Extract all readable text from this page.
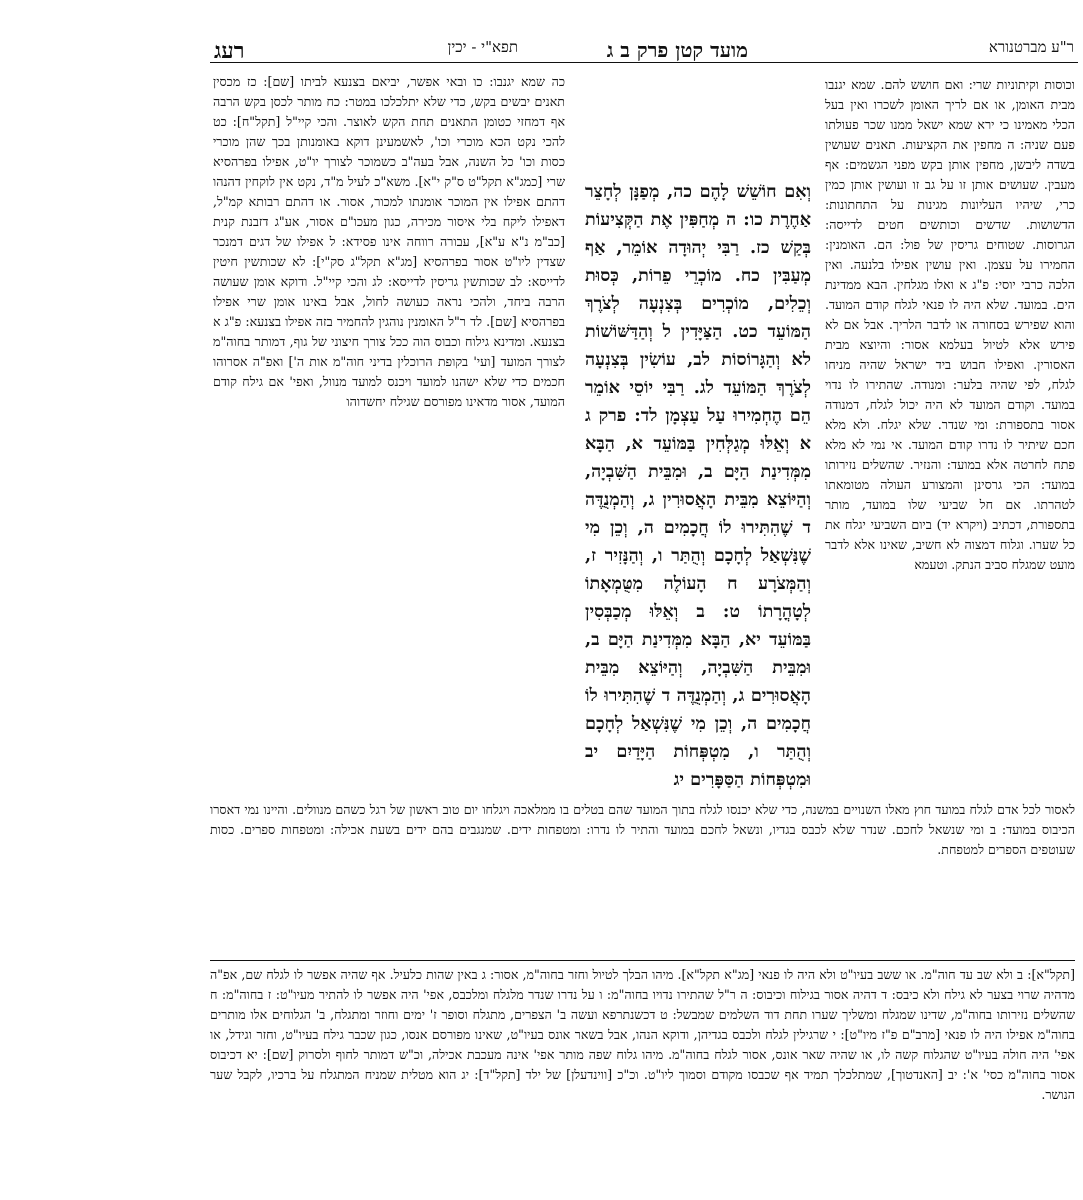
ר"ע מברטנורא
מועד קטן פרק ב ג
תפא"י - יכין
רעג

וכוסות וקיתוניות שרי: ואם חושש להם. שמא יגנבו מבית האומן, או אם לריך האומן לשכרו ואין בעל הכלי מאמינו כי ירא שמא ישאל ממנו שכר פעולתו פעם שניה: ה מחפין את הקציעות. תאנים שעושין בשדה ליבשן, מחפין אותן בקש מפני הגשמים: אף מעבין. שעושים אותן זו על גב זו ועושין אותן כמין כרי, שיהיו העליונות מגינות על התחתונות: הדשושות. שדשים וכותשים חטים לדייסה: הגרוסות. שטוחים גריסין של פול: הם. האומנין: החמירו על עצמן. ואין עושין אפילו בלנעה. ואין הלכה כרבי יוסי: פ"ג א ואלו מגלחין. הבא ממדינת הים. במועד. שלא היה לו פנאי לגלח קודם המועד. והוא שפירש בסחורה או לדבר הלריך. אבל אם לא פירש אלא לטיול בעלמא אסור: והיוצא מבית האסורין. ואפילו חבוש ביד ישראל שהיה מניחו לגלח, לפי שהיה בלער: ומנודה. שהתירו לו נדוי במועד. וקודם המועד לא היה יכול לגלח, דמנודה אסור בתספורת: ומי שנדר. שלא יגלח. ולא מלא חכם שיתיר לו נדרו קודם המועד. אי נמי לא מלא פתח לחרטה אלא במועד: והנזיר. שהשלים נזירותו במועד: הכי גרסינן והמצורע העולה מטומאתו לטהרתו. אם חל שביעי שלו במועד, מותר בתספורת, דכתיב (ויקרא יד) ביום השביעי יגלח את כל שערו. וגלוח דמצוה לא חשיב, שאינו אלא לדבר מועט שמגלח סביב הנתק. וטעמא

וְאִם חוֹשֵׁשׁ לָהֶם כה, מְפַנָּן לְחָצֵר אַחֶרֶת כו: ה מְחַפִּין אֶת הַקְּצִיעוֹת בְּקַשׁ כז. רַבִּי יְהוּדָה אוֹמֵר, אַף מְעַבִּין כח. מוֹכְרֵי פֵרוֹת, כְּסוּת וְכֵלִים, מוֹכְרִים בְּצִנְעָה לְצֹרֶךְ הַמּוֹעֵד כט. הַצַּיָּדִין ל וְהַדַּשּׁוֹשׁוֹת לא וְהַגָּרוֹסוֹת לב, עוֹשִׂין בְּצִנְעָה לְצֹרֶךְ הַמּוֹעֵד לג. רַבִּי יוֹסֵי אוֹמֵר הֵם הֶחְמִירוּ עַל עַצְמָן לד: פרק ג א וְאֵלּוּ מְגַלְּחִין בַּמּוֹעֵד א, הַבָּא מִמְּדִינַת הַיָּם ב, וּמִבֵּית הַשִּׁבְיָה, וְהַיּוֹצֵא מִבֵּית הָאֲסוּרִין ג, וְהַמְנֻדֶּה ד שֶׁהִתִּירוּ לוֹ חֲכָמִים ה, וְכֵן מִי שֶׁנִּשְׁאַל לְחָכָם וְהֻתַּר ו, וְהַנָּזִיר ז, וְהַמְּצֹרָע ח הָעוֹלֶה מִטֻּמְאָתוֹ לְטָהֳרָתוֹ ט: ב וְאֵלּוּ מְכַבְּסִין בַּמּוֹעֵד יא, הַבָּא מִמְּדִינַת הַיָּם ב, וּמִבֵּית הַשִּׁבְיָה, וְהַיּוֹצֵא מִבֵּית הָאֲסוּרִים ג, וְהַמְנֻדֶּה ד שֶׁהִתִּירוּ לוֹ חֲכָמִים ה, וְכֵן מִי שֶׁנִּשְׁאַל לְחָכָם וְהֻתַּר ו, מִטְפְּחוֹת הַיָּדַיִם יב וּמִטְפְּחוֹת הַסַּפָּרִים יג

כה שמא יגנבו: כו ובאי אפשר, יביאם בצנעא לביתו [שם]: כז מכסין תאנים יבשים בקש, כדי שלא יתלכלכו במטר: כח מותר לכסן בקש הרבה אף דמחזי כטומן התאנים תחת הקש לאוצר. והכי קיי"ל [תקל"ח]: כט להכי נקט הכא מוכרי וכו', לאשמעינן דוקא באומנותן בכך שהן מוכרי כסות וכו' כל השנה, אבל בעה"ב כשמוכר לצורך יו"ט, אפילו בפרהסיא שרי [כמג"א תקל"ט ס"ק י"א]. משא"כ לעיל מ"ד, נקט אין לוקחין דהנהו דהתם אפילו אין המוכר אומנתו למכור, אסור. או דהתם רבותא קמ"ל, דאפילו ליקח בלי איסור מכירה, כגון מעכו"ם אסור, אע"ג דזבנת קנית [כב"מ נ"א ע"א], עבורה רווחה אינו פסידא: ל אפילו של דגים דמנכר שצדין ליו"ט אסור בפרהסיא [מג"א תקל"ג סק"י]: לא שכותשין חיטין לדייסא: לב שכותשין גריסין לדייסא: לג והכי קיי"ל. ודוקא אומן שעושה הרבה ביחד, ולהכי נראה כעושה לחול, אבל באינו אומן שרי אפילו בפרהסיא [שם]. לד ר"ל האומנין נוהגין להחמיר בזה אפילו בצנעא: פ"ג א בצנעא. ומדינא גילוח וכבוס הוה ככל צורך חיצוני של גוף, דמותר בחוה"מ לצורך המועד [ועי' בקופת הרוכלין בדיני חוה"מ אות ה'] ואפ"ה אסרוהו חכמים כדי שלא ישהנו למועד ויכנס למועד מנוול, ואפי' אם גילח קודם המועד, אסור מדאינו מפורסם שגילח יחשדוהו

לאסור לכל אדם לגלח במועד חוץ מאלו השנויים במשנה, כדי שלא יכנסו לגלח בתוך המועד שהם בטלים בו ממלאכה ויגלחו יום טוב ראשון של רגל כשהם מנוולים. והיינו נמי דאסרו הכיבוס במועד: ב ומי שנשאל לחכם. שנדר שלא לכבס בגדיו, ונשאל לחכם במועד והתיר לו נדרו: ומטפחות ידים. שמנגבים בהם ידים בשעת אכילה: ומטפחות ספרים. כסות שעוטפים הספרים למטפחת.

[תקל"א]: ב ולא שב עד חוה"מ. או ששב בעיו"ט ולא היה לו פנאי [מג"א תקל"א]. מיהו הבלך לטיול וחזר בחוה"מ, אסור: ג באין שהות כלעיל. אף שהיה אפשר לו לגלח שם, אפ"ה מדהיה שרוי בצער לא גילח ולא כיבס: ד דהיה אסור בגילוח וכיבוס: ה ר"ל שהתירו נדויו בחוה"מ: ו על נדרו שנדר מלגלח ומלכבס, אפי' היה אפשר לו להתיר מעיו"ט: ז בחוה"מ: ח שהשלים נזירותו בחוה"מ, שדינו שמגלח ומשליך שערו תחת דוד השלמים שמבשל: ט דכשנתרפא ועשה ב' הצפרים, מתגלח וסופר ז' ימים וחוזר ומתגלח, ב' הגלוחים אלו מותרים בחוה"מ אפילו היה לו פנאי [מרב"ם פ"ז מיו"ט]: י שרגילין לגלח ולכבס בגדיהן, ודוקא הנהו, אבל בשאר אונס בעיו"ט, שאינו מפורסם אנסו, כגון שכבר גילח בעיו"ט, וחזר וגידל, או אפי' היה חולה בעיו"ט שהגלוח קשה לו, או שהיה שאר אונס, אסור לגלח בחוה"מ. מיהו גלוח שפה מותר אפי' אינה מעכבת אכילה, וכ"ש דמותר לחוף ולסרוק [שם]: יא דכיבוס אסור בחוה"מ כסי' א': יב [האנדטוך], שמתלכלך תמיד אף שכבסו מקודם וסמוך ליו"ט. וכ"כ [ווינדעלן] של ילד [תקל"ד]: יג הוא מטלית שמניח המתגלח על ברכיו, לקבל שער הנושר.
